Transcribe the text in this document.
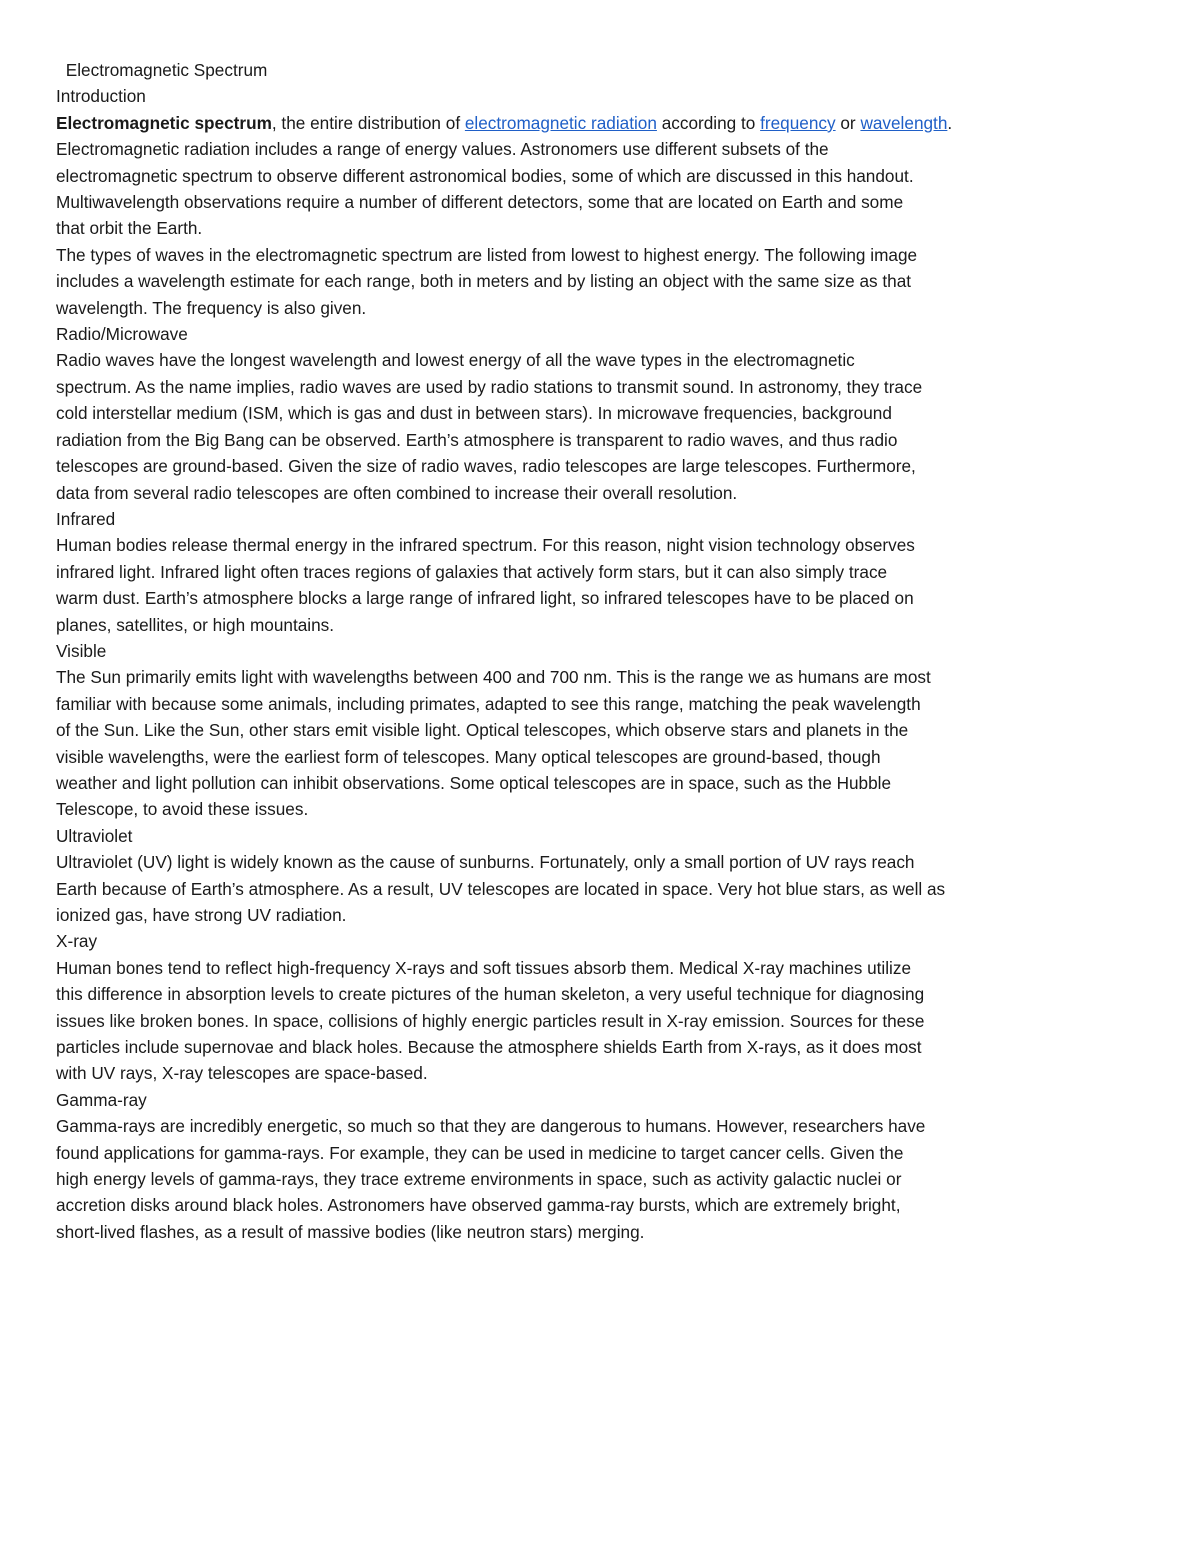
Electromagnetic Spectrum
Introduction
Electromagnetic spectrum, the entire distribution of electromagnetic radiation according to frequency or wavelength.
Electromagnetic radiation includes a range of energy values. Astronomers use different subsets of the
electromagnetic spectrum to observe different astronomical bodies, some of which are discussed in this handout.
Multiwavelength observations require a number of different detectors, some that are located on Earth and some
that orbit the Earth.
The types of waves in the electromagnetic spectrum are listed from lowest to highest energy. The following image
includes a wavelength estimate for each range, both in meters and by listing an object with the same size as that
wavelength. The frequency is also given.
Radio/Microwave
Radio waves have the longest wavelength and lowest energy of all the wave types in the electromagnetic
spectrum. As the name implies, radio waves are used by radio stations to transmit sound. In astronomy, they trace
cold interstellar medium (ISM, which is gas and dust in between stars). In microwave frequencies, background
radiation from the Big Bang can be observed. Earth’s atmosphere is transparent to radio waves, and thus radio
telescopes are ground-based. Given the size of radio waves, radio telescopes are large telescopes. Furthermore,
data from several radio telescopes are often combined to increase their overall resolution.
Infrared
Human bodies release thermal energy in the infrared spectrum. For this reason, night vision technology observes
infrared light. Infrared light often traces regions of galaxies that actively form stars, but it can also simply trace
warm dust. Earth’s atmosphere blocks a large range of infrared light, so infrared telescopes have to be placed on
planes, satellites, or high mountains.
Visible
The Sun primarily emits light with wavelengths between 400 and 700 nm. This is the range we as humans are most
familiar with because some animals, including primates, adapted to see this range, matching the peak wavelength
of the Sun. Like the Sun, other stars emit visible light. Optical telescopes, which observe stars and planets in the
visible wavelengths, were the earliest form of telescopes. Many optical telescopes are ground-based, though
weather and light pollution can inhibit observations. Some optical telescopes are in space, such as the Hubble
Telescope, to avoid these issues.
Ultraviolet
Ultraviolet (UV) light is widely known as the cause of sunburns. Fortunately, only a small portion of UV rays reach
Earth because of Earth’s atmosphere. As a result, UV telescopes are located in space. Very hot blue stars, as well as
ionized gas, have strong UV radiation.
X-ray
Human bones tend to reflect high-frequency X-rays and soft tissues absorb them. Medical X-ray machines utilize
this difference in absorption levels to create pictures of the human skeleton, a very useful technique for diagnosing
issues like broken bones. In space, collisions of highly energic particles result in X-ray emission. Sources for these
particles include supernovae and black holes. Because the atmosphere shields Earth from X-rays, as it does most
with UV rays, X-ray telescopes are space-based.
Gamma-ray
Gamma-rays are incredibly energetic, so much so that they are dangerous to humans. However, researchers have
found applications for gamma-rays. For example, they can be used in medicine to target cancer cells. Given the
high energy levels of gamma-rays, they trace extreme environments in space, such as activity galactic nuclei or
accretion disks around black holes. Astronomers have observed gamma-ray bursts, which are extremely bright,
short-lived flashes, as a result of massive bodies (like neutron stars) merging.
